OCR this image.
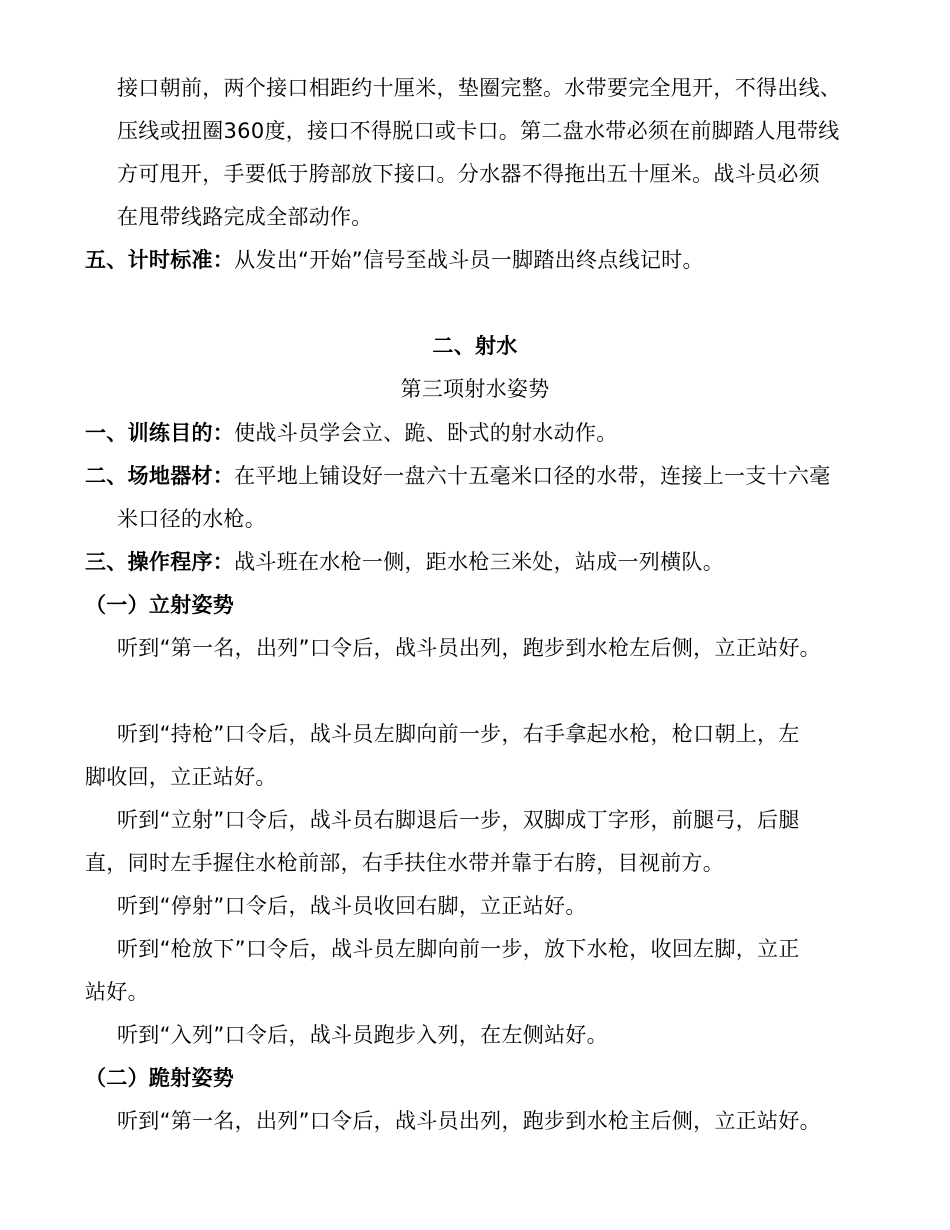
接口朝前，两个接口相距约十厘米，垫圈完整。水带要完全甩开，不得出线、
压线或扭圈360度，接口不得脱口或卡口。第二盘水带必须在前脚踏人甩带线
方可甩开，手要低于胯部放下接口。分水器不得拖出五十厘米。战斗员必须
在甩带线路完成全部动作。
五、计时标准：从发出“开始”信号至战斗员一脚踏出终点线记时。
二、射水
第三项射水姿势
一、训练目的：使战斗员学会立、跪、卧式的射水动作。
二、场地器材：在平地上铺设好一盘六十五毫米口径的水带，连接上一支十六毫
米口径的水枪。
三、操作程序：战斗班在水枪一侧，距水枪三米处，站成一列横队。
（一）立射姿势
听到“第一名，出列”口令后，战斗员出列，跑步到水枪左后侧，立正站好。
听到“持枪”口令后，战斗员左脚向前一步，右手拿起水枪，枪口朝上，左
脚收回，立正站好。
听到“立射”口令后，战斗员右脚退后一步，双脚成丁字形，前腿弓，后腿
直，同时左手握住水枪前部，右手扶住水带并靠于右胯，目视前方。
听到“停射”口令后，战斗员收回右脚，立正站好。
听到“枪放下”口令后，战斗员左脚向前一步，放下水枪，收回左脚，立正
站好。
听到“入列”口令后，战斗员跑步入列，在左侧站好。
（二）跪射姿势
听到“第一名，出列”口令后，战斗员出列，跑步到水枪主后侧，立正站好。
